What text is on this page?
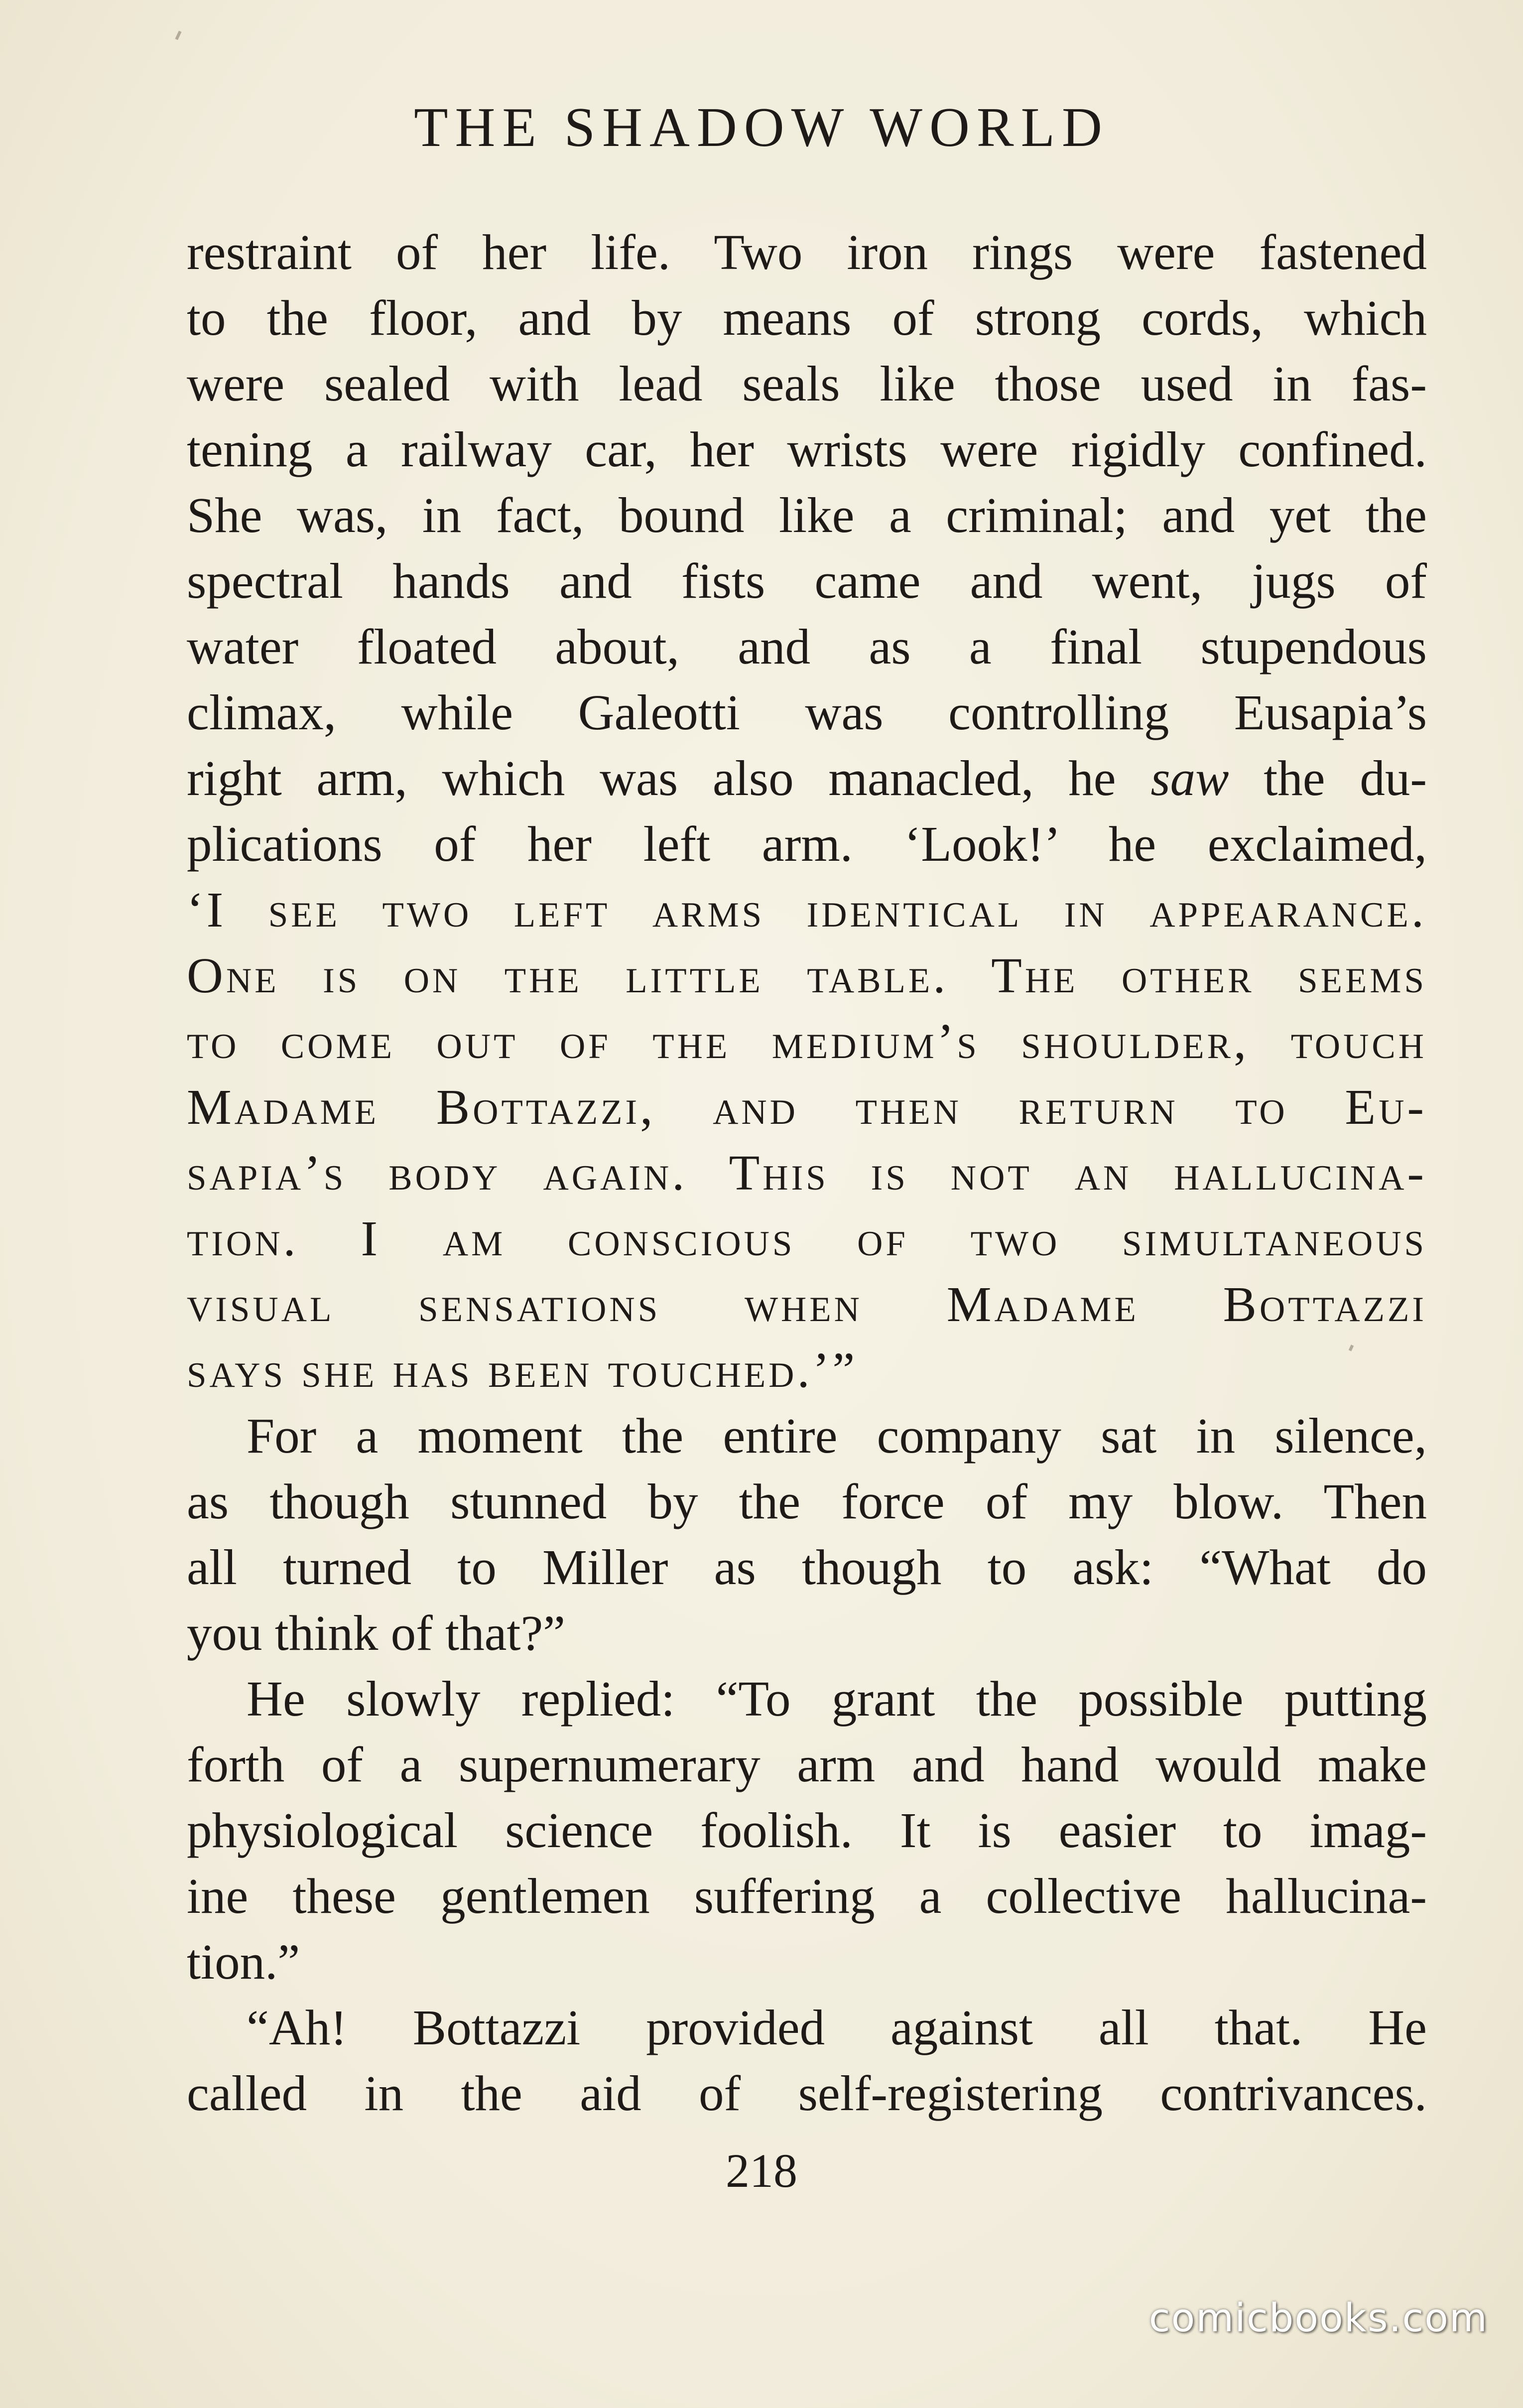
THE SHADOW WORLD
restraint of her life. Two iron rings were fastened
to the floor, and by means of strong cords, which
were sealed with lead seals like those used in fas-
tening a railway car, her wrists were rigidly confined.
She was, in fact, bound like a criminal; and yet the
spectral hands and fists came and went, jugs of
water floated about, and as a final stupendous
climax, while Galeotti was controlling Eusapia’s
right arm, which was also manacled, he saw the du-
plications of her left arm. ‘Look!’ he exclaimed,
‘I see two left arms identical in appearance.
One is on the little table. The other seems
to come out of the medium’s shoulder, touch
Madame Bottazzi, and then return to Eu-
sapia’s body again. This is not an hallucina-
tion. I am conscious of two simultaneous
visual sensations when Madame Bottazzi
says she has been touched.’”
For a moment the entire company sat in silence,
as though stunned by the force of my blow. Then
all turned to Miller as though to ask: “What do
you think of that?”
He slowly replied: “To grant the possible putting
forth of a supernumerary arm and hand would make
physiological science foolish. It is easier to imag-
ine these gentlemen suffering a collective hallucina-
tion.”
“Ah! Bottazzi provided against all that. He
called in the aid of self-registering contrivances.
218
comicbooks.com
